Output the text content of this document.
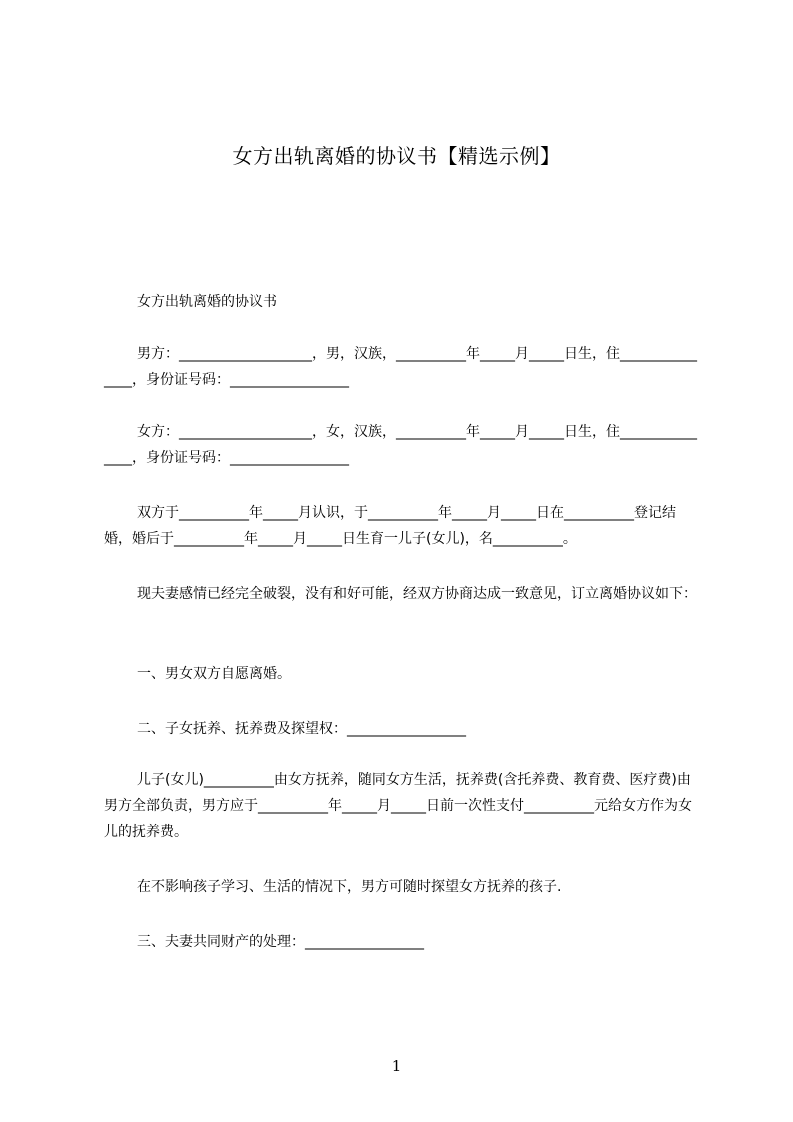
女方出轨离婚的协议书【精选示例】

女方出轨离婚的协议书

男方：___________________，男，汉族，__________年_____月_____日生，住_______________，身份证号码：_________________

女方：___________________，女，汉族，__________年_____月_____日生，住_______________，身份证号码：_________________

双方于__________年_____月认识，于__________年_____月_____日在__________登记结婚，婚后于__________年_____月_____日生育一儿子(女儿)，名__________。

现夫妻感情已经完全破裂，没有和好可能，经双方协商达成一致意见，订立离婚协议如下：

一、男女双方自愿离婚。

二、子女抚养、抚养费及探望权：_________________

儿子(女儿)__________由女方抚养，随同女方生活，抚养费(含托养费、教育费、医疗费)由男方全部负责，男方应于__________年_____月_____日前一次性支付__________元给女方作为女儿的抚养费。

在不影响孩子学习、生活的情况下，男方可随时探望女方抚养的孩子.

三、夫妻共同财产的处理：_________________

1
